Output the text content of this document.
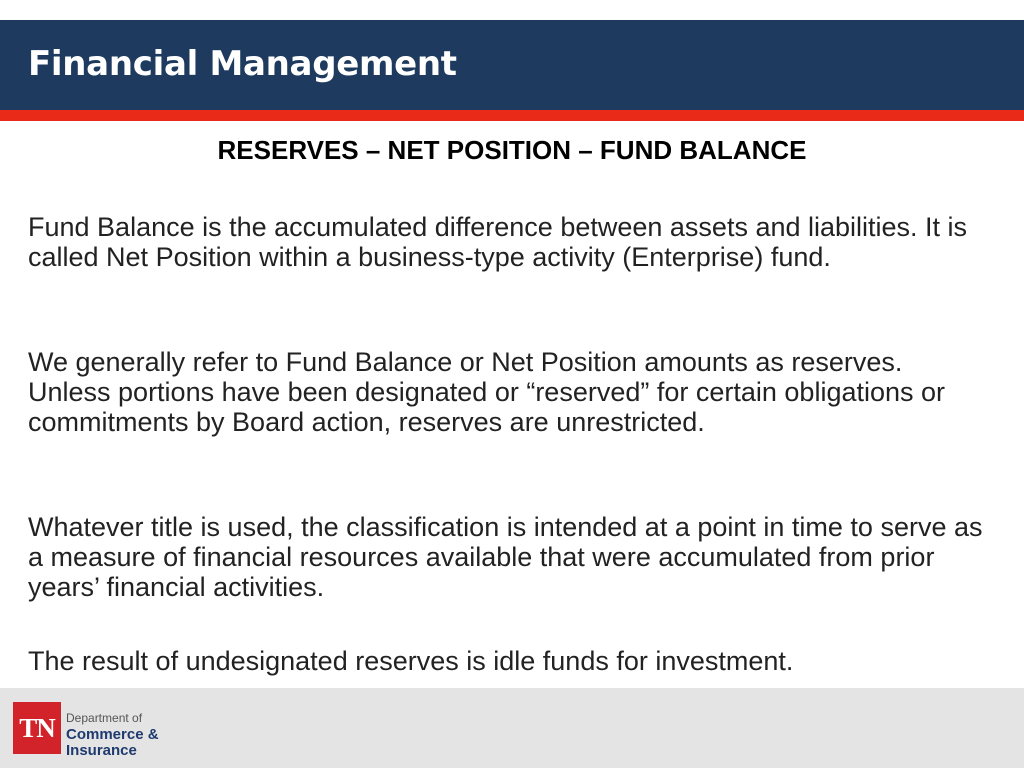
Financial Management
RESERVES – NET POSITION – FUND BALANCE
Fund Balance is the accumulated difference between assets and liabilities. It is called Net Position within a business-type activity (Enterprise) fund.
We generally refer to Fund Balance or Net Position amounts as reserves. Unless portions have been designated or “reserved” for certain obligations or commitments by Board action, reserves are unrestricted.
Whatever title is used, the classification is intended at a point in time to serve as a measure of financial resources available that were accumulated from prior years’ financial activities.
The result of undesignated reserves is idle funds for investment.
TN Department of
Commerce &
Insurance
